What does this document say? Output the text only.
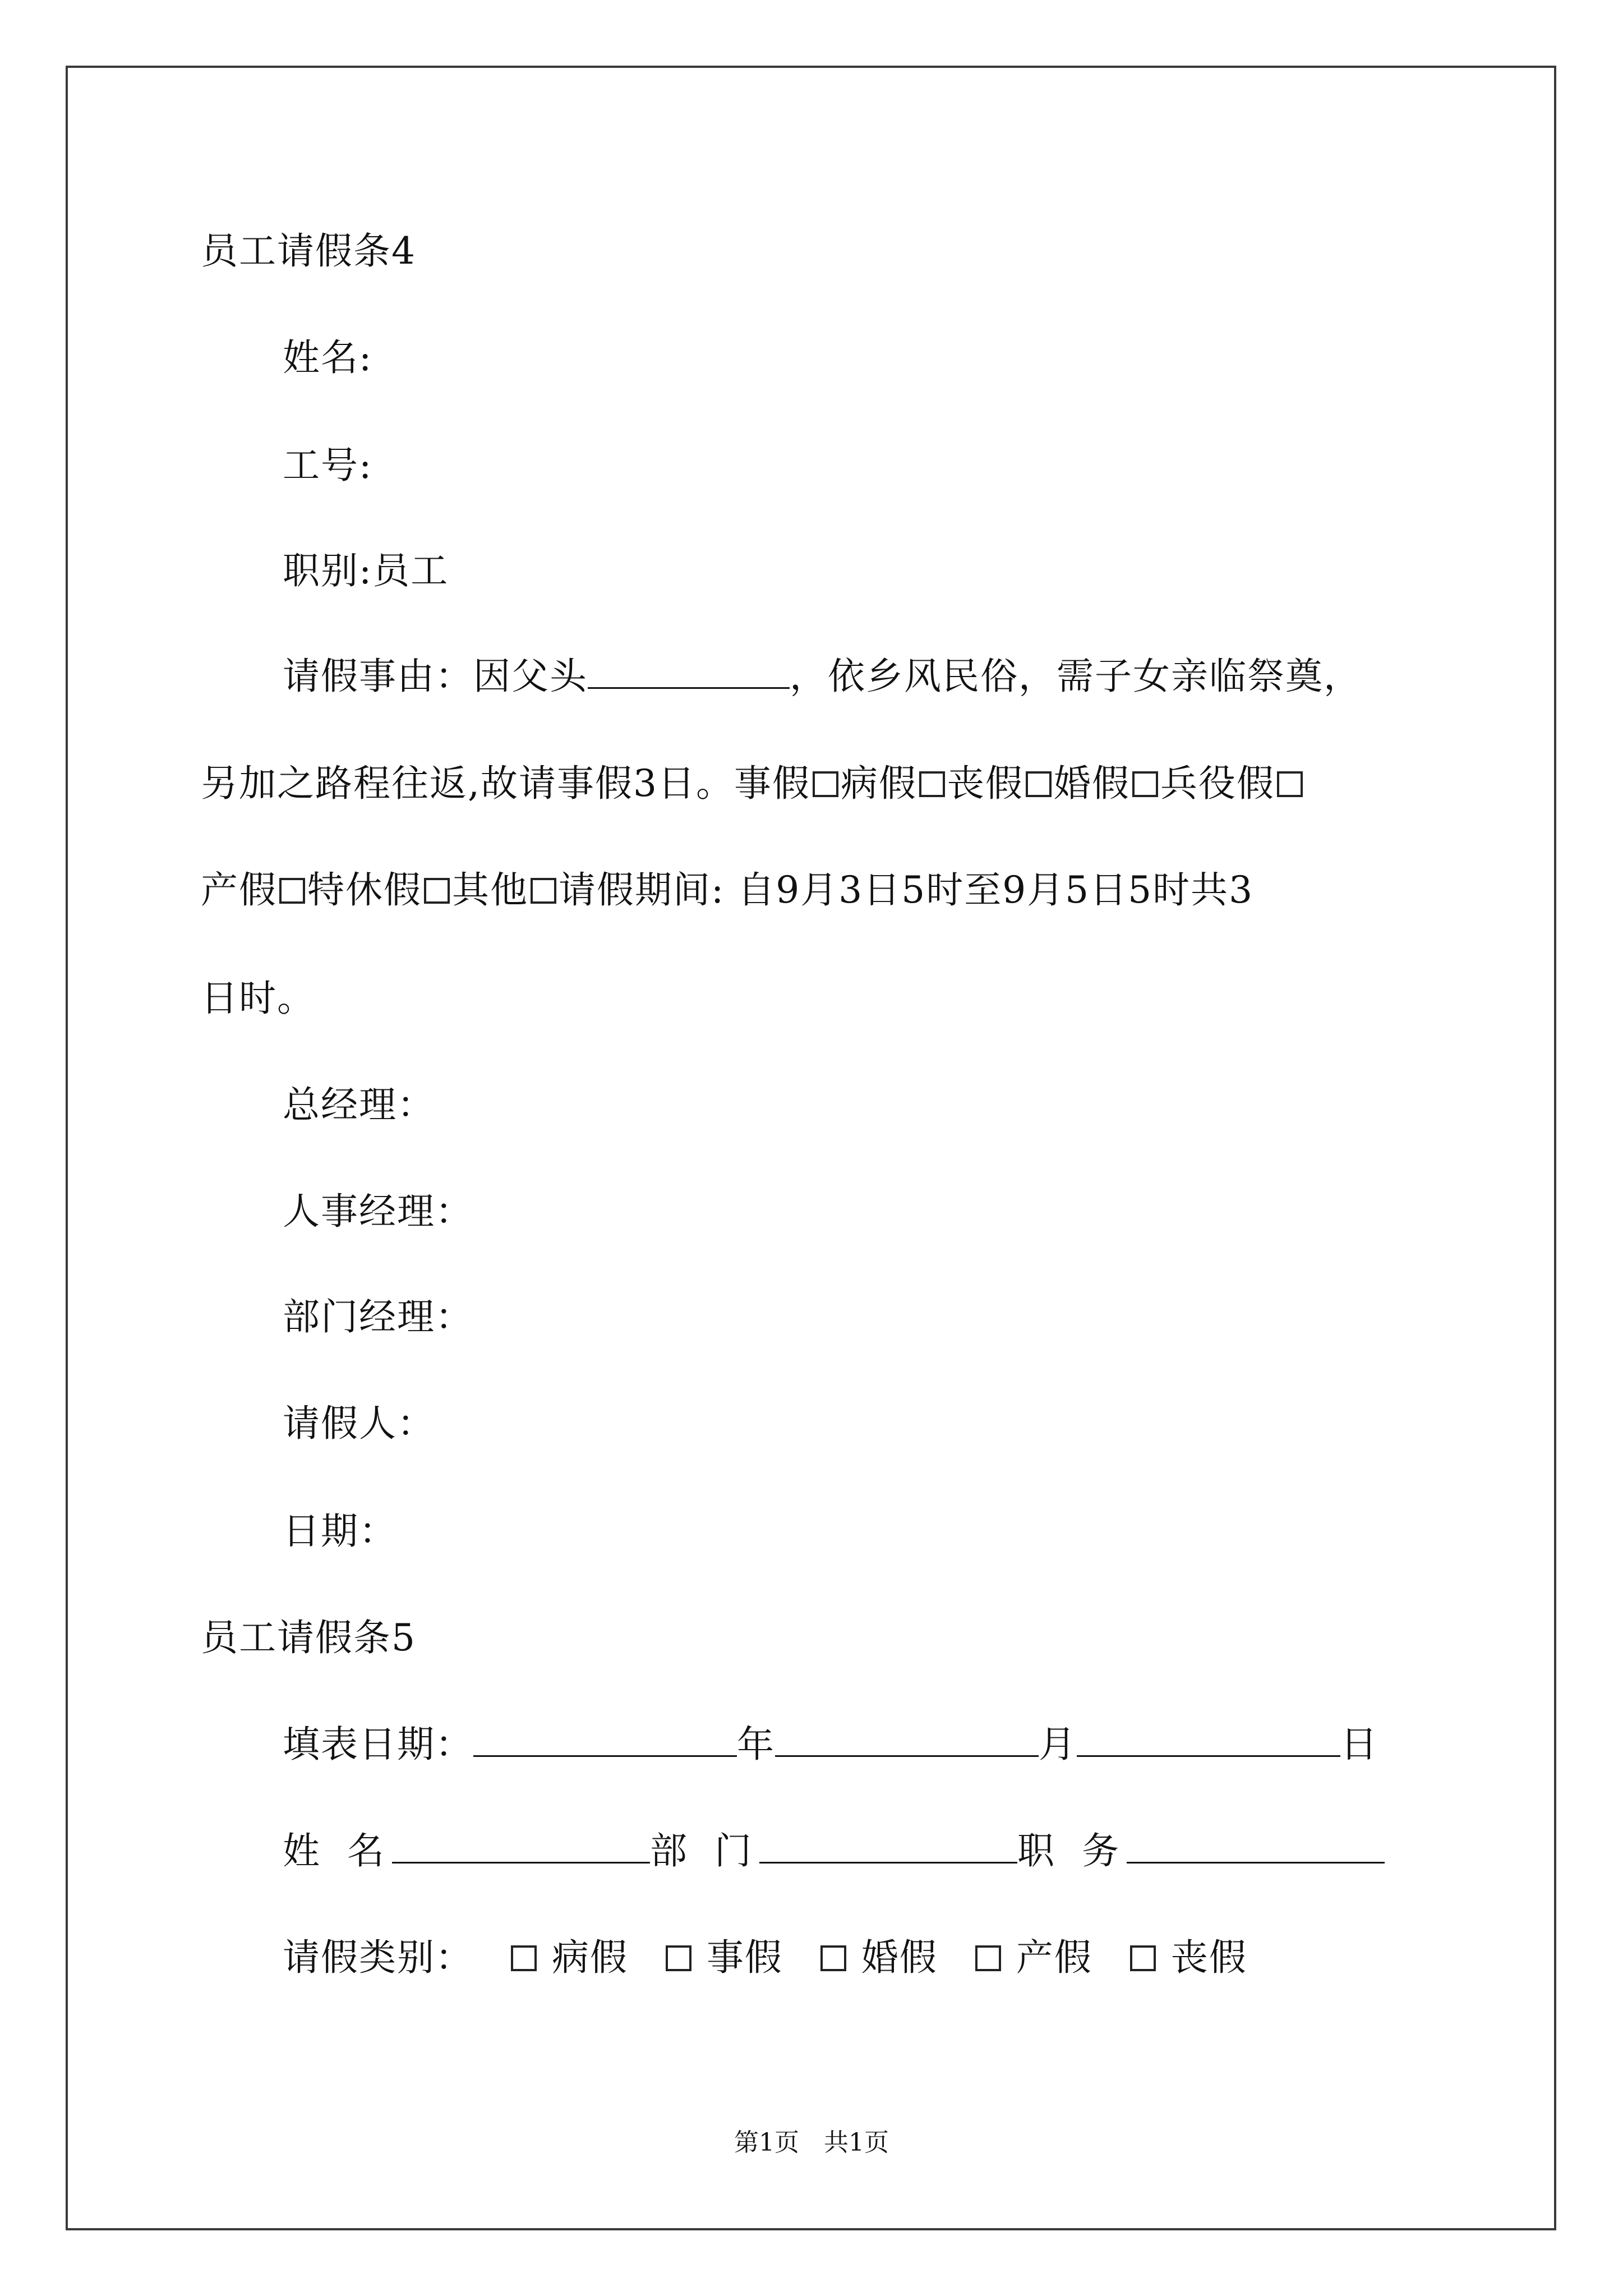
员工请假条4
姓名:
工号:
职别:员工
请假事由：因父头	，依乡风民俗，需子女亲临祭奠，
另加之路程往返,故请事假3日。事假 病假 丧假 婚假 兵役假
产假 特休假 其他 请假期间: 自9月3日5时至9月5日5时共3
日时。
总经理：
人事经理：
部门经理：
请假人：
日期：
员工请假条5
填表日期：	年	月	日
姓 名	部 门	职 务
请假类别： 病假 事假 婚假 产假 丧假
第1页 共1页
